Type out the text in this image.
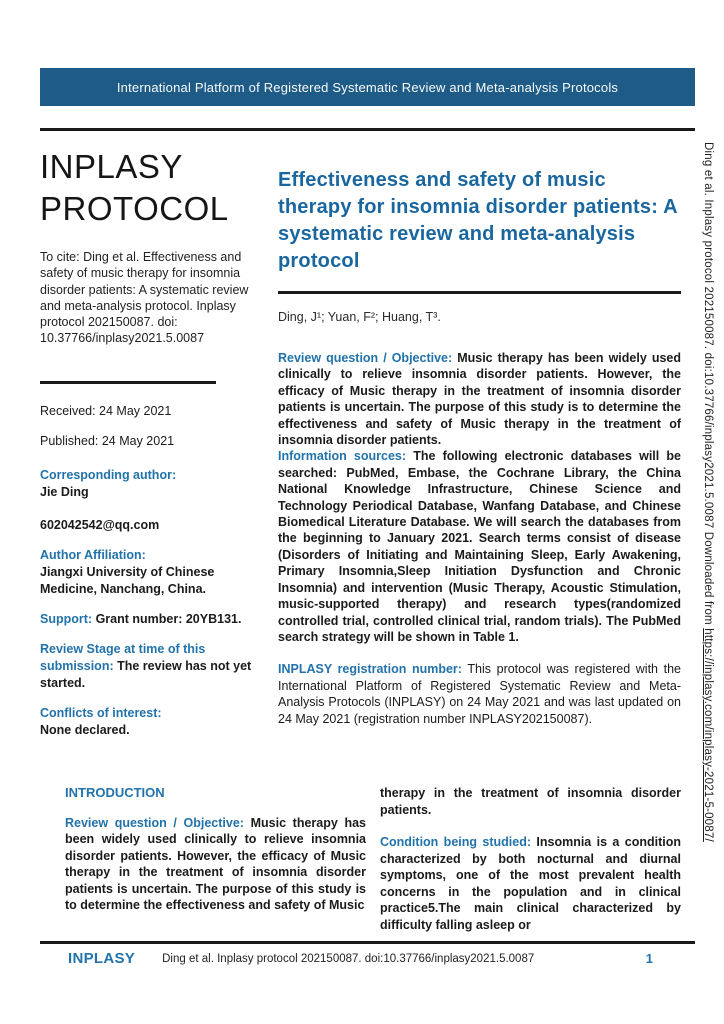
International Platform of Registered Systematic Review and Meta-analysis Protocols
INPLASY
PROTOCOL
To cite: Ding et al. Effectiveness and safety of music therapy for insomnia disorder patients: A systematic review and meta-analysis protocol. Inplasy protocol 202150087. doi: 10.37766/inplasy2021.5.0087
Received: 24 May 2021
Published: 24 May 2021
Corresponding author:
Jie Ding
602042542@qq.com
Author Affiliation:
Jiangxi University of Chinese Medicine, Nanchang, China.
Support: Grant number: 20YB131.
Review Stage at time of this submission: The review has not yet started.
Conflicts of interest:
None declared.
Effectiveness and safety of music therapy for insomnia disorder patients: A systematic review and meta-analysis protocol
Ding, J¹; Yuan, F²; Huang, T³.

Review question / Objective: Music therapy has been widely used clinically to relieve insomnia disorder patients. However, the efficacy of Music therapy in the treatment of insomnia disorder patients is uncertain. The purpose of this study is to determine the effectiveness and safety of Music therapy in the treatment of insomnia disorder patients.

Information sources: The following electronic databases will be searched: PubMed, Embase, the Cochrane Library, the China National Knowledge Infrastructure, Chinese Science and Technology Periodical Database, Wanfang Database, and Chinese Biomedical Literature Database. We will search the databases from the beginning to January 2021. Search terms consist of disease (Disorders of Initiating and Maintaining Sleep, Early Awakening, Primary Insomnia,Sleep Initiation Dysfunction and Chronic Insomnia) and intervention (Music Therapy, Acoustic Stimulation, music-supported therapy) and research types(randomized controlled trial, controlled clinical trial, random trials). The PubMed search strategy will be shown in Table 1.

INPLASY registration number: This protocol was registered with the International Platform of Registered Systematic Review and Meta-Analysis Protocols (INPLASY) on 24 May 2021 and was last updated on 24 May 2021 (registration number INPLASY202150087).

INTRODUCTION

Review question / Objective: Music therapy has been widely used clinically to relieve insomnia disorder patients. However, the efficacy of Music therapy in the treatment of insomnia disorder patients is uncertain. The purpose of this study is to determine the effectiveness and safety of Music

therapy in the treatment of insomnia disorder patients.

Condition being studied: Insomnia is a condition characterized by both nocturnal and diurnal symptoms, one of the most prevalent health concerns in the population and in clinical practice5.The main clinical characterized by difficulty falling asleep or

INPLASY Ding et al. Inplasy protocol 202150087. doi:10.37766/inplasy2021.5.0087	1
Ding et al. Inplasy protocol 202150087. doi:10.37766/inplasy2021.5.0087 Downloaded from https://inplasy.com/inplasy-2021-5-0087/
